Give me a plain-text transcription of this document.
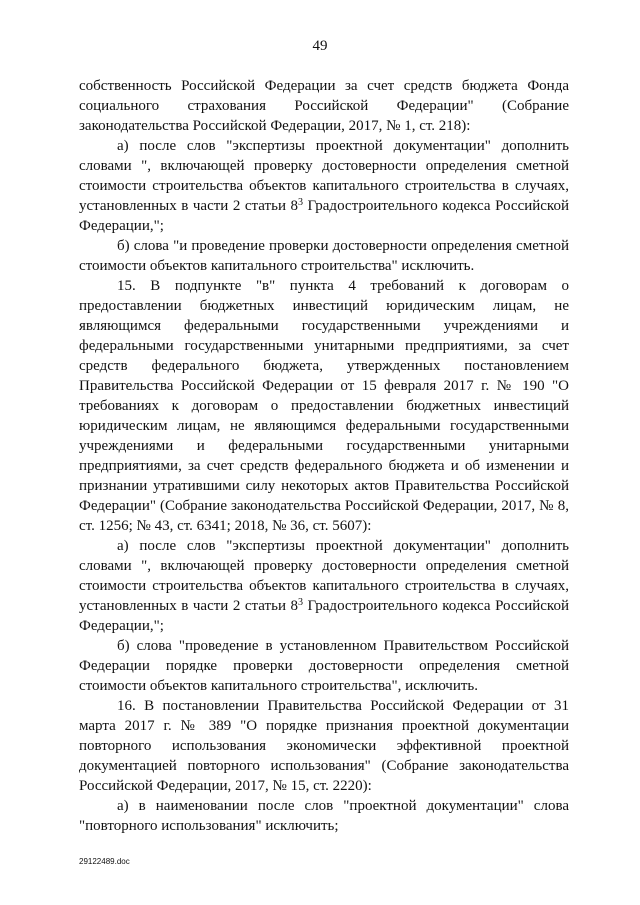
49

собственность Российской Федерации за счет средств бюджета Фонда социального страхования Российской Федерации" (Собрание законодательства Российской Федерации, 2017, № 1, ст. 218):

а) после слов "экспертизы проектной документации" дополнить словами ", включающей проверку достоверности определения сметной стоимости строительства объектов капитального строительства в случаях, установленных в части 2 статьи $8^3$ Градостроительного кодекса Российской Федерации,";

б) слова "и проведение проверки достоверности определения сметной стоимости объектов капитального строительства" исключить.

15. В подпункте "в" пункта 4 требований к договорам о предоставлении бюджетных инвестиций юридическим лицам, не являющимся федеральными государственными учреждениями и федеральными государственными унитарными предприятиями, за счет средств федерального бюджета, утвержденных постановлением Правительства Российской Федерации от 15 февраля 2017 г. № 190 "О требованиях к договорам о предоставлении бюджетных инвестиций юридическим лицам, не являющимся федеральными государственными учреждениями и федеральными государственными унитарными предприятиями, за счет средств федерального бюджета и об изменении и признании утратившими силу некоторых актов Правительства Российской Федерации" (Собрание законодательства Российской Федерации, 2017, № 8, ст. 1256; № 43, ст. 6341; 2018, № 36, ст. 5607):

а) после слов "экспертизы проектной документации" дополнить словами ", включающей проверку достоверности определения сметной стоимости строительства объектов капитального строительства в случаях, установленных в части 2 статьи $8^3$ Градостроительного кодекса Российской Федерации,";

б) слова "проведение в установленном Правительством Российской Федерации порядке проверки достоверности определения сметной стоимости объектов капитального строительства", исключить.

16. В постановлении Правительства Российской Федерации от 31 марта 2017 г. № 389 "О порядке признания проектной документации повторного использования экономически эффективной проектной документацией повторного использования" (Собрание законодательства Российской Федерации, 2017, № 15, ст. 2220):

а) в наименовании после слов "проектной документации" слова "повторного использования" исключить;

29122489.doc
